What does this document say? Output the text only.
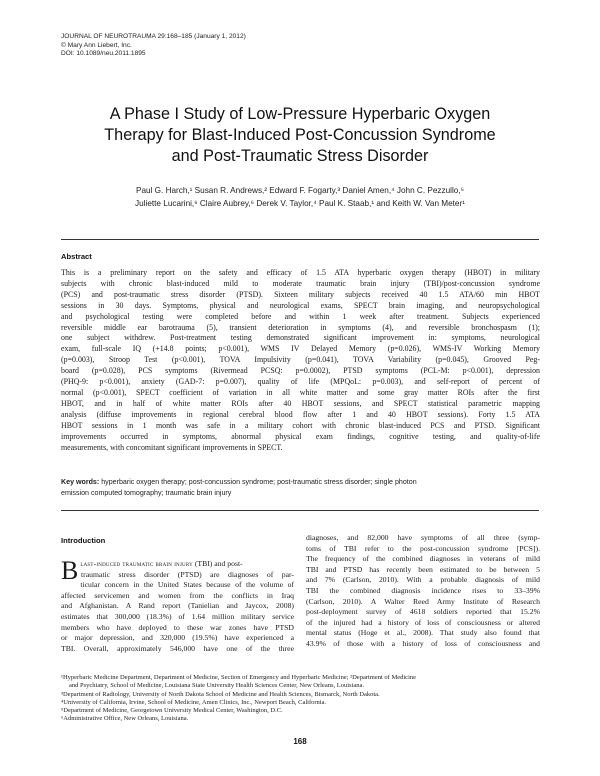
JOURNAL OF NEUROTRAUMA 29:168–185 (January 1, 2012)
© Mary Ann Liebert, Inc.
DOI: 10.1089/neu.2011.1895
A Phase I Study of Low-Pressure Hyperbaric Oxygen
Therapy for Blast-Induced Post-Concussion Syndrome
and Post-Traumatic Stress Disorder
Paul G. Harch,¹ Susan R. Andrews,² Edward F. Fogarty,³ Daniel Amen,⁴ John C. Pezzullo,⁵
Juliette Lucarini,⁶ Claire Aubrey,⁶ Derek V. Taylor,⁴ Paul K. Staab,¹ and Keith W. Van Meter¹
Abstract
This is a preliminary report on the safety and efficacy of 1.5 ATA hyperbaric oxygen therapy (HBOT) in military
subjects with chronic blast-induced mild to moderate traumatic brain injury (TBI)/post-concussion syndrome
(PCS) and post-traumatic stress disorder (PTSD). Sixteen military subjects received 40 1.5 ATA/60 min HBOT
sessions in 30 days. Symptoms, physical and neurological exams, SPECT brain imaging, and neuropsychological
and psychological testing were completed before and within 1 week after treatment. Subjects experienced
reversible middle ear barotrauma (5), transient deterioration in symptoms (4), and reversible bronchospasm (1);
one subject withdrew. Post-treatment testing demonstrated significant improvement in: symptoms, neurological
exam, full-scale IQ (+14.8 points; p<0.001), WMS IV Delayed Memory (p=0.026), WMS-IV Working Memory
(p=0.003), Stroop Test (p<0.001), TOVA Impulsivity (p=0.041), TOVA Variability (p=0.045), Grooved Peg-
board (p=0.028), PCS symptoms (Rivermead PCSQ: p=0.0002), PTSD symptoms (PCL-M: p<0.001), depression
(PHQ-9: p<0.001), anxiety (GAD-7: p=0.007), quality of life (MPQoL: p=0.003), and self-report of percent of
normal (p<0.001), SPECT coefficient of variation in all white matter and some gray matter ROIs after the first
HBOT, and in half of white matter ROIs after 40 HBOT sessions, and SPECT statistical parametric mapping
analysis (diffuse improvements in regional cerebral blood flow after 1 and 40 HBOT sessions). Forty 1.5 ATA
HBOT sessions in 1 month was safe in a military cohort with chronic blast-induced PCS and PTSD. Significant
improvements occurred in symptoms, abnormal physical exam findings, cognitive testing, and quality-of-life
measurements, with concomitant significant improvements in SPECT.
Key words: hyperbaric oxygen therapy; post-concussion syndrome; post-traumatic stress disorder; single photon
emission computed tomography; traumatic brain injury
Introduction
B last-induced traumatic brain injury (TBI) and post-
traumatic stress disorder (PTSD) are diagnoses of par-
ticular concern in the United States because of the volume of
affected servicemen and women from the conflicts in Iraq
and Afghanistan. A Rand report (Tanielian and Jaycox, 2008)
estimates that 300,000 (18.3%) of 1.64 million military service
members who have deployed to these war zones have PTSD
or major depression, and 320,000 (19.5%) have experienced a
TBI. Overall, approximately 546,000 have one of the three
diagnoses, and 82,000 have symptoms of all three (symp-
toms of TBI refer to the post-concussion syndrome [PCS]).
The frequency of the combined diagnoses in veterans of mild
TBI and PTSD has recently been estimated to be between 5
and 7% (Carlson, 2010). With a probable diagnosis of mild
TBI the combined diagnosis incidence rises to 33–39%
(Carlson, 2010). A Walter Reed Army Institute of Research
post-deployment survey of 4618 soldiers reported that 15.2%
of the injured had a history of loss of consciousness or altered
mental status (Hoge et al., 2008). That study also found that
43.9% of those with a history of loss of consciousness and
¹Hyperbaric Medicine Department, Department of Medicine, Section of Emergency and Hyperbaric Medicine; ²Department of Medicine
and Psychiatry, School of Medicine, Louisiana State University Health Sciences Center, New Orleans, Louisiana.
³Department of Radiology, University of North Dakota School of Medicine and Health Sciences, Bismarck, North Dakota.
⁴University of California, Irvine, School of Medicine, Amen Clinics, Inc., Newport Beach, California.
⁵Department of Medicine, Georgetown University Medical Center, Washington, D.C.
⁶Administrative Office, New Orleans, Louisiana.
168
